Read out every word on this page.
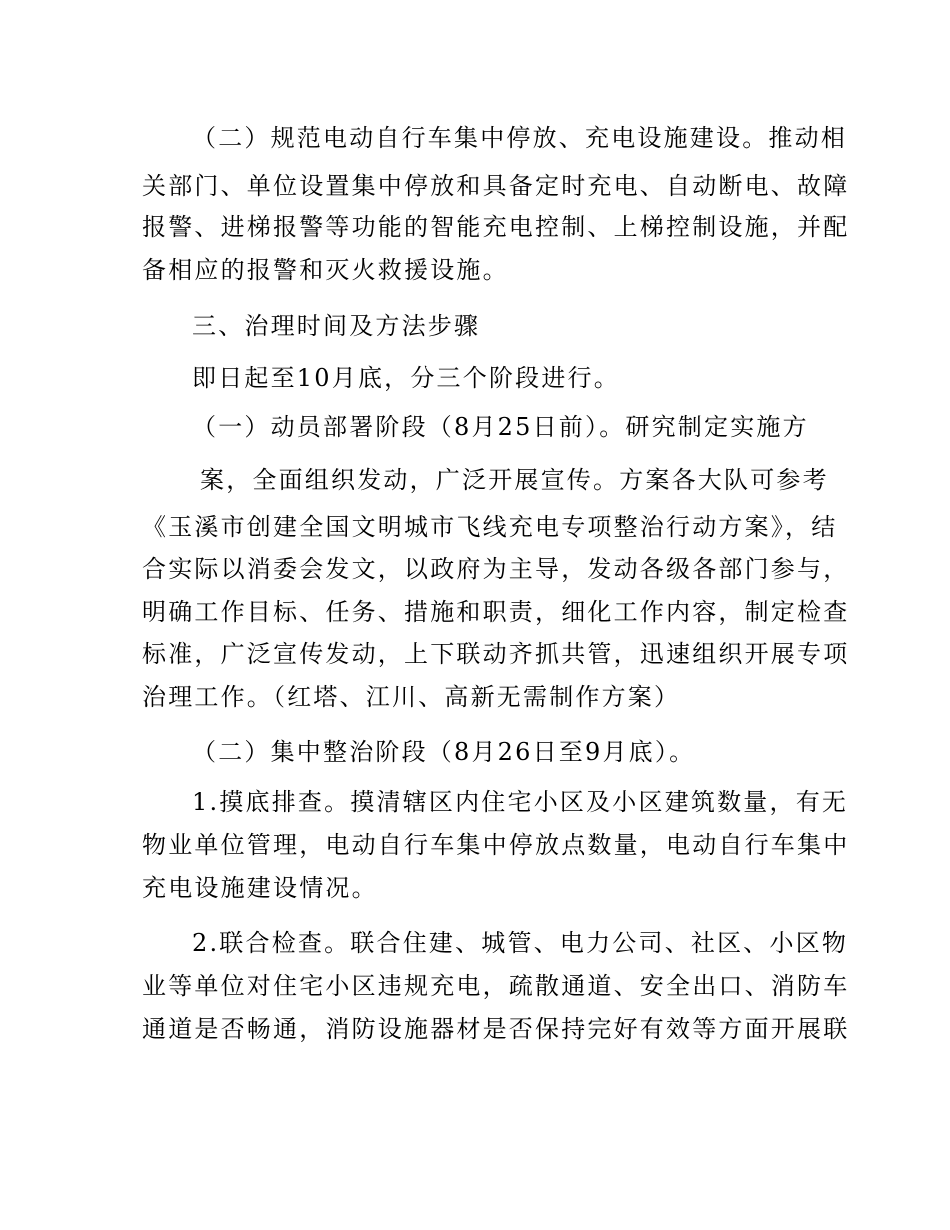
（二）规范电动自行车集中停放、充电设施建设。推动相

关部门、单位设置集中停放和具备定时充电、自动断电、故障

报警、进梯报警等功能的智能充电控制、上梯控制设施，并配

备相应的报警和灭火救援设施。

三、治理时间及方法步骤

即日起至10月底，分三个阶段进行。

（一）动员部署阶段（8月25日前）。研究制定实施方

案，全面组织发动，广泛开展宣传。方案各大队可参考

《玉溪市创建全国文明城市飞线充电专项整治行动方案》，结

合实际以消委会发文，以政府为主导，发动各级各部门参与，

明确工作目标、任务、措施和职责，细化工作内容，制定检查

标准，广泛宣传发动，上下联动齐抓共管，迅速组织开展专项

治理工作。（红塔、江川、高新无需制作方案）

（二）集中整治阶段（8月26日至9月底）。

1.摸底排查。摸清辖区内住宅小区及小区建筑数量，有无

物业单位管理，电动自行车集中停放点数量，电动自行车集中

充电设施建设情况。

2.联合检查。联合住建、城管、电力公司、社区、小区物

业等单位对住宅小区违规充电，疏散通道、安全出口、消防车

通道是否畅通，消防设施器材是否保持完好有效等方面开展联
